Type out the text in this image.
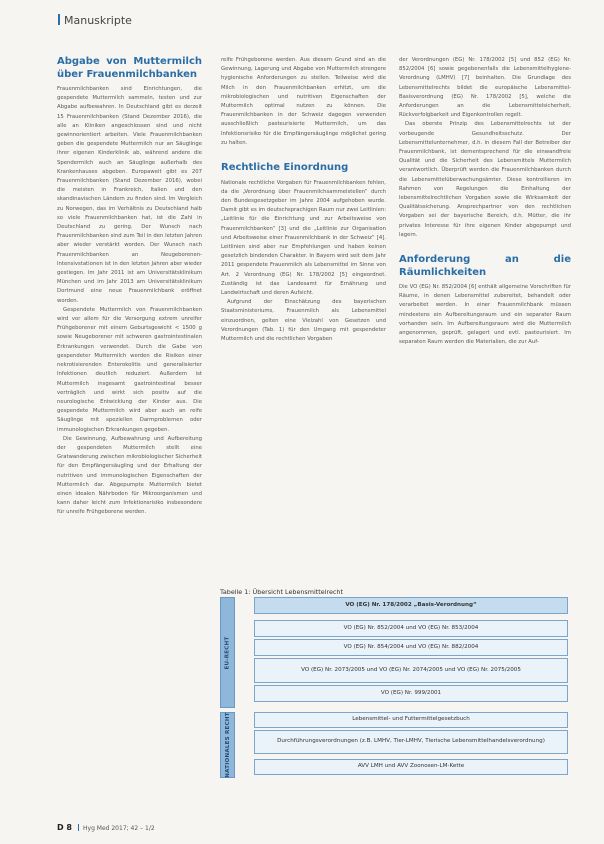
Manuskripte
Abgabe von Muttermilch über Frauenmilchbanken

Frauenmilchbanken sind Einrichtungen, die gespendete Muttermilch sammeln, testen und zur Abgabe aufbewahren. In Deutschland gibt es derzeit 15 Frauenmilchbanken (Stand Dezember 2016), die alle an Kliniken angeschlossen sind und nicht gewinnorientiert arbeiten. Viele Frauenmilchbanken geben die gespendete Muttermilch nur an Säuglinge ihrer eigenen Kinderklinik ab, während andere die Spendermilch auch an Säuglinge außerhalb des Krankenhauses abgeben. Europaweit gibt es 207 Frauenmilchbanken (Stand Dezember 2016), wobei die meisten in Frankreich, Italien und den skandinavischen Ländern zu finden sind. Im Vergleich zu Norwegen, das im Verhältnis zu Deutschland halb so viele Frauenmilchbanken hat, ist die Zahl in Deutschland zu gering. Der Wunsch nach Frauenmilchbanken sind zum Teil in den letzten Jahren aber wieder verstärkt worden. Der Wunsch nach Frauenmilchbanken an Neugeborenen-Intensivstationen ist in den letzten Jahren aber wieder gestiegen. Im Jahr 2011 ist am Universitätsklinikum München und im Jahr 2013 am Universitätsklinikum Dortmund eine neue Frauenmilchbank eröffnet worden.

Gespendete Muttermilch von Frauenmilchbanken wird vor allem für die Versorgung extrem unreifer Frühgeborener mit einem Geburtsgewicht < 1500 g sowie Neugeborener mit schweren gastrointestinalen Erkrankungen verwendet. Durch die Gabe von gespendeter Muttermilch werden die Risiken einer nekrotisierenden Enterokolitis und generalisierter Infektionen deutlich reduziert. Außerdem ist Muttermilch insgesamt gastrointestinal besser verträglich und wirkt sich positiv auf die neurologische Entwicklung der Kinder aus. Die gespendete Muttermilch wird aber auch an reife Säuglinge mit speziellen Darmproblemen oder immunologischen Erkrankungen gegeben.

Die Gewinnung, Aufbewahrung und Aufbereitung der gespendeten Muttermilch stellt eine Gratwanderung zwischen mikrobiologischer Sicherheit für den Empfängersäugling und der Erhaltung der nutritiven und immunologischen Eigenschaften der Muttermilch dar. Abgepumpte Muttermilch bietet einen idealen Nährboden für Mikroorganismen und kann daher leicht zum Infektionsrisiko insbesondere für unreife Frühgeborene werden.

reife Frühgeborene werden. Aus diesem Grund sind an die Gewinnung, Lagerung und Abgabe von Muttermilch strengere hygienische Anforderungen zu stellen. Teilweise wird die Milch in den Frauenmilchbanken erhitzt, um die mikrobiologischen und nutritiven Eigenschaften der Muttermilch optimal nutzen zu können. Die Frauenmilchbanken in der Schweiz dagegen verwenden ausschließlich pasteurisierte Muttermilch, um das Infektionsrisiko für die Empfängersäuglinge möglichst gering zu halten.

Rechtliche Einordnung

Nationale rechtliche Vorgaben für Frauenmilchbanken fehlen, da die „Verordnung über Frauenmilchsammelstellen“ durch den Bundesgesetzgeber im Jahre 2004 aufgehoben wurde. Damit gibt es im deutschsprachigen Raum nur zwei Leitlinien: „Leitlinie für die Einrichtung und zur Arbeitsweise von Frauenmilchbanken“ [3] und die „Leitlinie zur Organisation und Arbeitsweise einer Frauenmilchbank in der Schweiz“ [4]. Leitlinien sind aber nur Empfehlungen und haben keinen gesetzlich bindenden Charakter. In Bayern wird seit dem Jahr 2011 gespendete Frauenmilch als Lebensmittel im Sinne von Art. 2 Verordnung (EG) Nr. 178/2002 [5] eingeordnet. Zuständig ist das Landesamt für Ernährung und Landwirtschaft und deren Aufsicht.

Aufgrund der Einschätzung des bayerischen Staatsministeriums, Frauenmilch als Lebensmittel einzuordnen, gelten eine Vielzahl von Gesetzen und Verordnungen (Tab. 1) für den Umgang mit gespendeter Muttermilch und die rechtlichen Vorgaben

der Verordnungen (EG) Nr. 178/2002 [5] und 852 (EG) Nr. 852/2004 [6] sowie gegebenenfalls die Lebensmittelhygiene-Verordnung (LMHV) [7] beinhalten. Die Grundlage des Lebensmittelrechts bildet die europäische Lebensmittel-Basisverordnung (EG) Nr. 178/2002 [5], welche die Anforderungen an die Lebensmittelsicherheit, Rückverfolgbarkeit und Eigenkontrollen regelt.

Das oberste Prinzip des Lebensmittelrechts ist der vorbeugende Gesundheitsschutz. Der Lebensmittelunternehmer, d.h. in diesem Fall der Betreiber der Frauenmilchbank, ist dementsprechend für die einwandfreie Qualität und die Sicherheit des Lebensmittels Muttermilch verantwortlich. Überprüft werden die Frauenmilchbanken durch die Lebensmittelüberwachungsämter. Diese kontrollieren im Rahmen von Regelungen die Einhaltung der lebensmittelrechtlichen Vorgaben sowie die Wirksamkeit der Qualitätssicherung. Ansprechpartner von den rechtlichen Vorgaben sei der bayerische Bereich, d.h. Mütter, die ihr privates Interesse für ihre eigenen Kinder abgepumpt und lagern.

Anforderung an die Räumlichkeiten

Die VO (EG) Nr. 852/2004 [6] enthält allgemeine Vorschriften für Räume, in denen Lebensmittel zubereitet, behandelt oder verarbeitet werden. In einer Frauenmilchbank müssen mindestens ein Aufbereitungsraum und ein separater Raum vorhanden sein. Im Aufbereitungsraum wird die Muttermilch angenommen, geprüft, gelagert und evtl. pasteurisiert. Im separaten Raum werden die Materialien, die zur Auf-

Tabelle 1: Übersicht Lebensmittelrecht
EU-RECHT
VO (EG) Nr. 178/2002 „Basis-Verordnung“
VO (EG) Nr. 852/2004 und VO (EG) Nr. 853/2004
VO (EG) Nr. 854/2004 und VO (EG) Nr. 882/2004
VO (EG) Nr. 2073/2005 und VO (EG) Nr. 2074/2005 und VO (EG) Nr. 2075/2005
VO (EG) Nr. 999/2001
NATIONALES RECHT	Lebensmittel- und Futtermittelgesetzbuch
Durchführungsverordnungen (z.B. LMHV, Tier-LMHV, Tierische Lebensmittelhandelsverordnung)
AVV LMH und AVV Zoonosen-LM-Kette
D 8 Hyg Med 2017; 42 – 1/2
